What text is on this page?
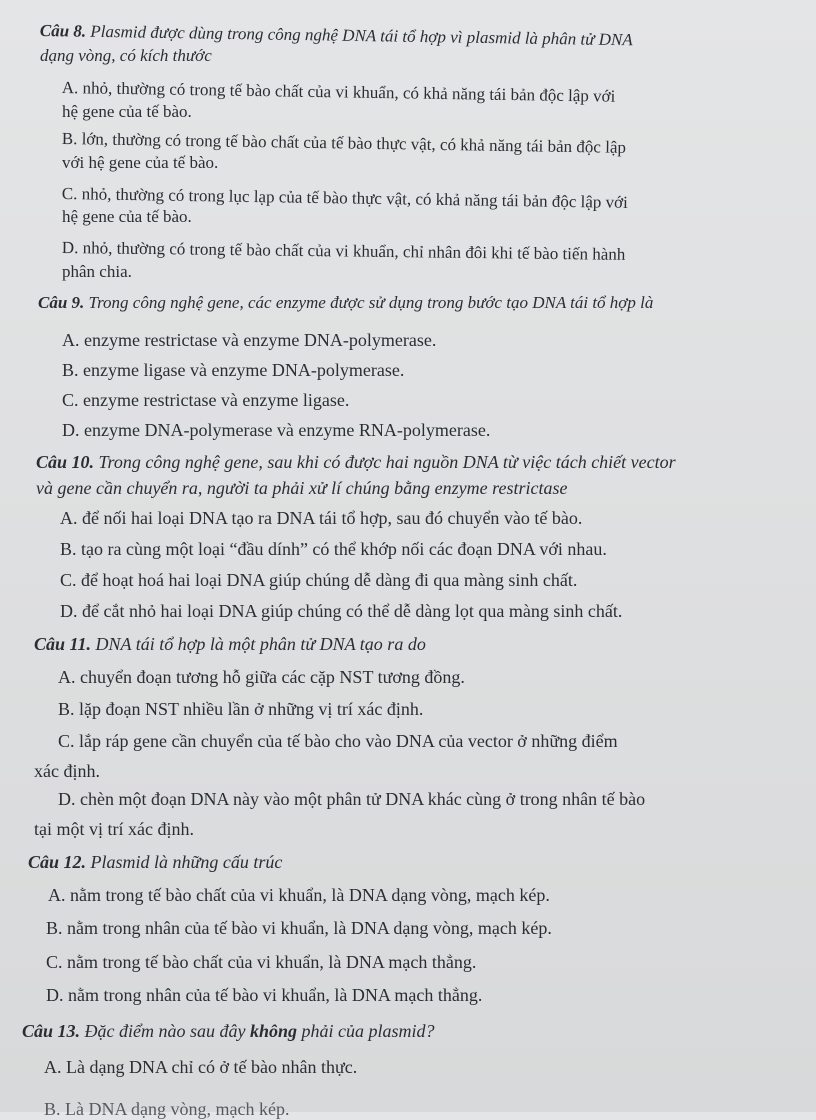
Câu 8. Plasmid được dùng trong công nghệ DNA tái tổ hợp vì plasmid là phân tử DNA
dạng vòng, có kích thước
A. nhỏ, thường có trong tế bào chất của vi khuẩn, có khả năng tái bản độc lập với
hệ gene của tế bào.
B. lớn, thường có trong tế bào chất của tế bào thực vật, có khả năng tái bản độc lập
với hệ gene của tế bào.
C. nhỏ, thường có trong lục lạp của tế bào thực vật, có khả năng tái bản độc lập với
hệ gene của tế bào.
D. nhỏ, thường có trong tế bào chất của vi khuẩn, chỉ nhân đôi khi tế bào tiến hành
phân chia.
Câu 9. Trong công nghệ gene, các enzyme được sử dụng trong bước tạo DNA tái tổ hợp là
A. enzyme restrictase và enzyme DNA-polymerase.
B. enzyme ligase và enzyme DNA-polymerase.
C. enzyme restrictase và enzyme ligase.
D. enzyme DNA-polymerase và enzyme RNA-polymerase.
Câu 10. Trong công nghệ gene, sau khi có được hai nguồn DNA từ việc tách chiết vector
và gene cần chuyển ra, người ta phải xử lí chúng bằng enzyme restrictase
A. để nối hai loại DNA tạo ra DNA tái tổ hợp, sau đó chuyển vào tế bào.
B. tạo ra cùng một loại “đầu dính” có thể khớp nối các đoạn DNA với nhau.
C. để hoạt hoá hai loại DNA giúp chúng dễ dàng đi qua màng sinh chất.
D. để cắt nhỏ hai loại DNA giúp chúng có thể dễ dàng lọt qua màng sinh chất.
Câu 11. DNA tái tổ hợp là một phân tử DNA tạo ra do
A. chuyển đoạn tương hỗ giữa các cặp NST tương đồng.
B. lặp đoạn NST nhiều lần ở những vị trí xác định.
C. lắp ráp gene cần chuyển của tế bào cho vào DNA của vector ở những điểm
xác định.
D. chèn một đoạn DNA này vào một phân tử DNA khác cùng ở trong nhân tế bào
tại một vị trí xác định.
Câu 12. Plasmid là những cấu trúc
A. nằm trong tế bào chất của vi khuẩn, là DNA dạng vòng, mạch kép.
B. nằm trong nhân của tế bào vi khuẩn, là DNA dạng vòng, mạch kép.
C. nằm trong tế bào chất của vi khuẩn, là DNA mạch thẳng.
D. nằm trong nhân của tế bào vi khuẩn, là DNA mạch thẳng.
Câu 13. Đặc điểm nào sau đây không phải của plasmid?
A. Là dạng DNA chỉ có ở tế bào nhân thực.
B. Là DNA dạng vòng, mạch kép.
